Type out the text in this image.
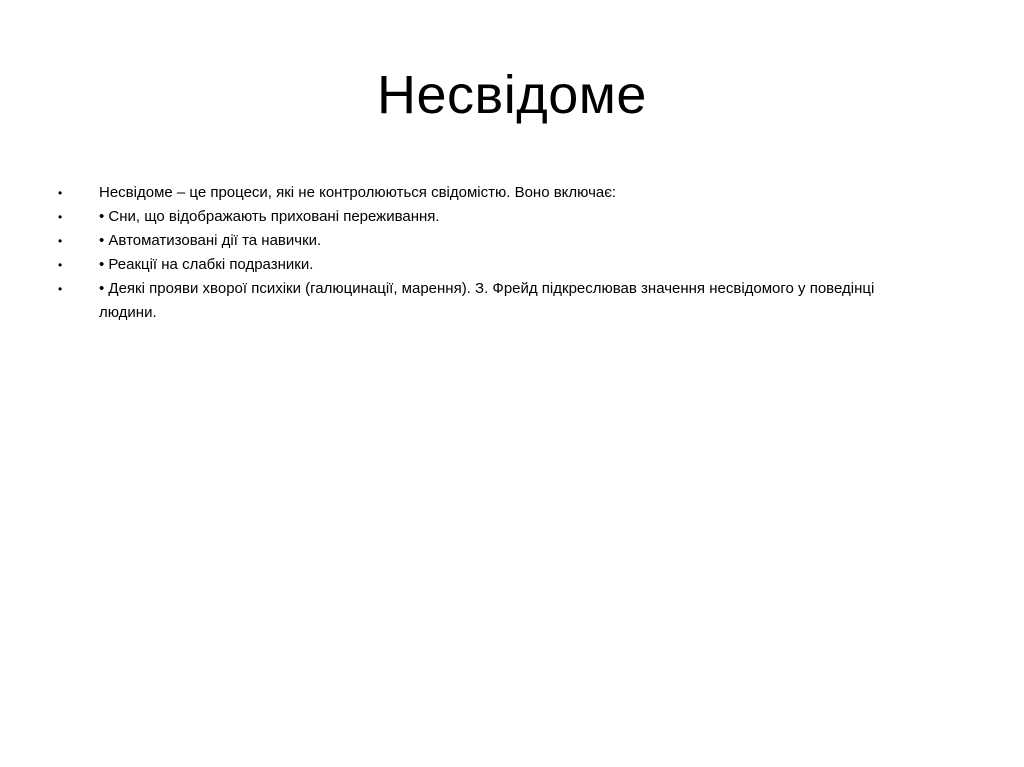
Несвідоме
• Несвідоме – це процеси, які не контролюються свідомістю. Воно включає:
• • Сни, що відображають приховані переживання.
• • Автоматизовані дії та навички.
• • Реакції на слабкі подразники.
• • Деякі прояви хворої психіки (галюцинації, марення). З. Фрейд підкреслював значення несвідомого у поведінці людини.
